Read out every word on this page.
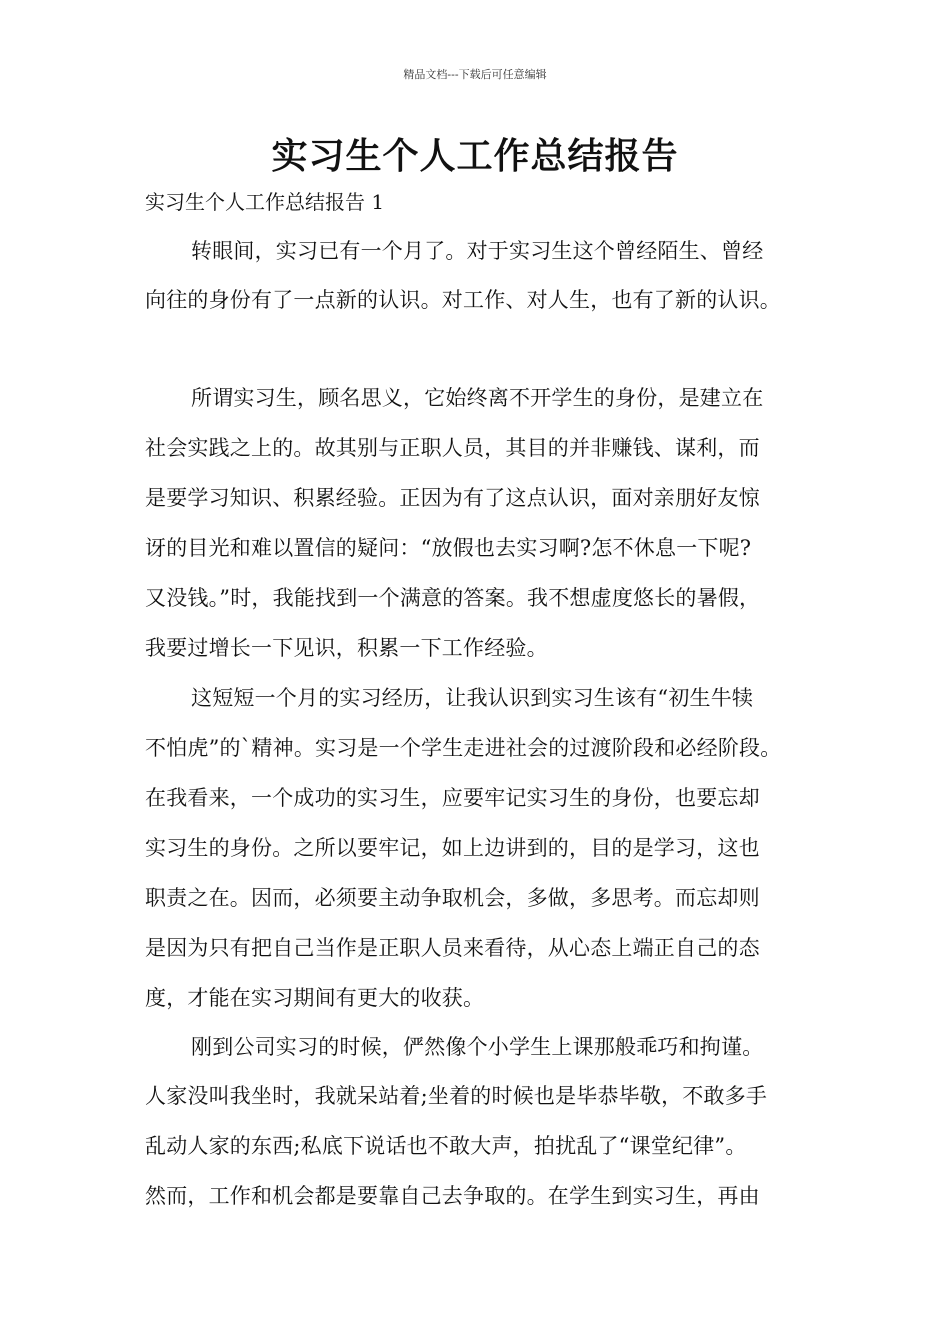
精品文档---下载后可任意编辑
实习生个人工作总结报告
实习生个人工作总结报告 1
转眼间，实习已有一个月了。对于实习生这个曾经陌生、曾经
向往的身份有了一点新的认识。对工作、对人生，也有了新的认识。
所谓实习生，顾名思义，它始终离不开学生的身份，是建立在
社会实践之上的。故其别与正职人员，其目的并非赚钱、谋利，而
是要学习知识、积累经验。正因为有了这点认识，面对亲朋好友惊
讶的目光和难以置信的疑问：“放假也去实习啊?怎不休息一下呢?
又没钱。”时，我能找到一个满意的答案。我不想虚度悠长的暑假，
我要过增长一下见识，积累一下工作经验。
这短短一个月的实习经历，让我认识到实习生该有“初生牛犊
不怕虎”的`精神。实习是一个学生走进社会的过渡阶段和必经阶段。
在我看来，一个成功的实习生，应要牢记实习生的身份，也要忘却
实习生的身份。之所以要牢记，如上边讲到的，目的是学习，这也
职责之在。因而，必须要主动争取机会，多做，多思考。而忘却则
是因为只有把自己当作是正职人员来看待，从心态上端正自己的态
度，才能在实习期间有更大的收获。
刚到公司实习的时候，俨然像个小学生上课那般乖巧和拘谨。
人家没叫我坐时，我就呆站着;坐着的时候也是毕恭毕敬，不敢多手
乱动人家的东西;私底下说话也不敢大声，拍扰乱了“课堂纪律”。
然而，工作和机会都是要靠自己去争取的。在学生到实习生，再由
